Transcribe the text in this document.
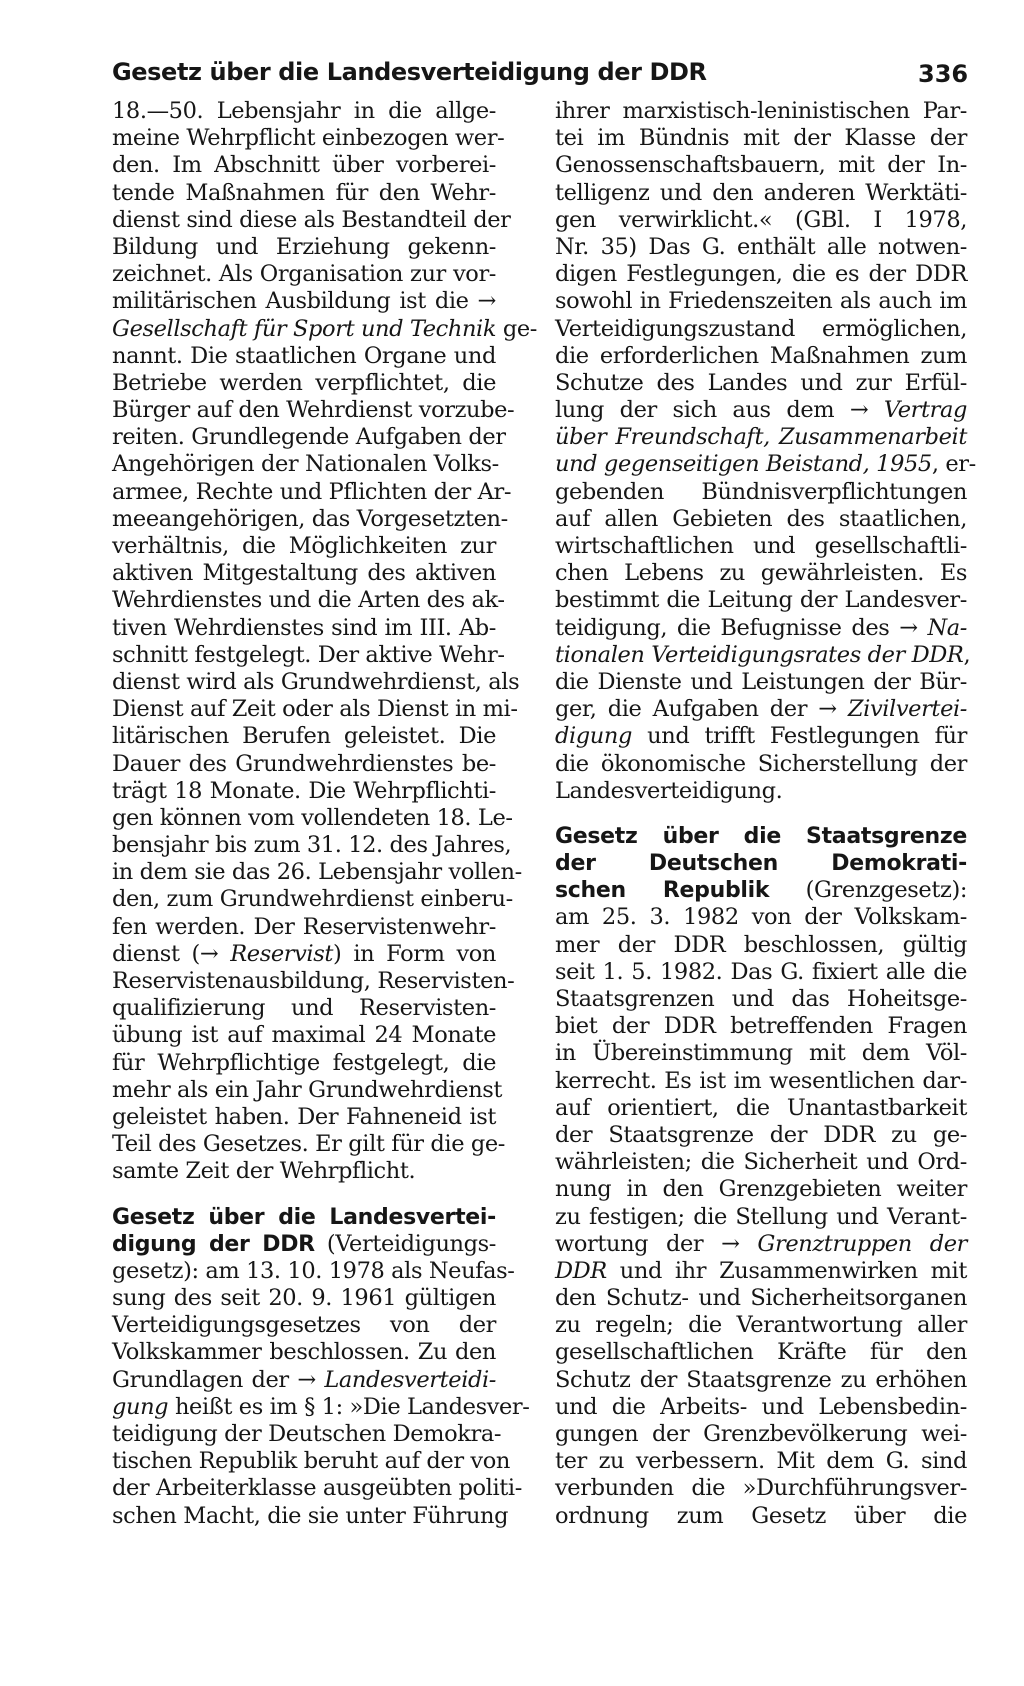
Gesetz über die Landesverteidigung der DDR	336
18.—50. Lebensjahr in die allge-
meine Wehrpflicht einbezogen wer-
den. Im Abschnitt über vorberei-
tende Maßnahmen für den Wehr-
dienst sind diese als Bestandteil der
Bildung und Erziehung gekenn-
zeichnet. Als Organisation zur vor-
militärischen Ausbildung ist die →
Gesellschaft für Sport und Technik ge-
nannt. Die staatlichen Organe und
Betriebe werden verpflichtet, die
Bürger auf den Wehrdienst vorzube-
reiten. Grundlegende Aufgaben der
Angehörigen der Nationalen Volks-
armee, Rechte und Pflichten der Ar-
meeangehörigen, das Vorgesetzten-
verhältnis, die Möglichkeiten zur
aktiven Mitgestaltung des aktiven
Wehrdienstes und die Arten des ak-
tiven Wehrdienstes sind im III. Ab-
schnitt festgelegt. Der aktive Wehr-
dienst wird als Grundwehrdienst, als
Dienst auf Zeit oder als Dienst in mi-
litärischen Berufen geleistet. Die
Dauer des Grundwehrdienstes be-
trägt 18 Monate. Die Wehrpflichti-
gen können vom vollendeten 18. Le-
bensjahr bis zum 31. 12. des Jahres,
in dem sie das 26. Lebensjahr vollen-
den, zum Grundwehrdienst einberu-
fen werden. Der Reservistenwehr-
dienst (→ Reservist) in Form von
Reservistenausbildung, Reservisten-
qualifizierung und Reservisten-
übung ist auf maximal 24 Monate
für Wehrpflichtige festgelegt, die
mehr als ein Jahr Grundwehrdienst
geleistet haben. Der Fahneneid ist
Teil des Gesetzes. Er gilt für die ge-
samte Zeit der Wehrpflicht.
Gesetz über die Landesvertei-
digung der DDR (Verteidigungs-
gesetz): am 13. 10. 1978 als Neufas-
sung des seit 20. 9. 1961 gültigen
Verteidigungsgesetzes von der
Volkskammer beschlossen. Zu den
Grundlagen der → Landesverteidi-
gung heißt es im § 1: »Die Landesver-
teidigung der Deutschen Demokra-
tischen Republik beruht auf der von
der Arbeiterklasse ausgeübten politi-
schen Macht, die sie unter Führung
ihrer marxistisch-leninistischen Par-
tei im Bündnis mit der Klasse der
Genossenschaftsbauern, mit der In-
telligenz und den anderen Werktäti-
gen verwirklicht.« (GBl. I 1978,
Nr. 35) Das G. enthält alle notwen-
digen Festlegungen, die es der DDR
sowohl in Friedenszeiten als auch im
Verteidigungszustand ermöglichen,
die erforderlichen Maßnahmen zum
Schutze des Landes und zur Erfül-
lung der sich aus dem → Vertrag
über Freundschaft, Zusammenarbeit
und gegenseitigen Beistand, 1955, er-
gebenden Bündnisverpflichtungen
auf allen Gebieten des staatlichen,
wirtschaftlichen und gesellschaftli-
chen Lebens zu gewährleisten. Es
bestimmt die Leitung der Landesver-
teidigung, die Befugnisse des → Na-
tionalen Verteidigungsrates der DDR,
die Dienste und Leistungen der Bür-
ger, die Aufgaben der → Zivilvertei-
digung und trifft Festlegungen für
die ökonomische Sicherstellung der
Landesverteidigung.
Gesetz über die Staatsgrenze
der Deutschen Demokrati-
schen Republik (Grenzgesetz):
am 25. 3. 1982 von der Volkskam-
mer der DDR beschlossen, gültig
seit 1. 5. 1982. Das G. fixiert alle die
Staatsgrenzen und das Hoheitsge-
biet der DDR betreffenden Fragen
in Übereinstimmung mit dem Völ-
kerrecht. Es ist im wesentlichen dar-
auf orientiert, die Unantastbarkeit
der Staatsgrenze der DDR zu ge-
währleisten; die Sicherheit und Ord-
nung in den Grenzgebieten weiter
zu festigen; die Stellung und Verant-
wortung der → Grenztruppen der
DDR und ihr Zusammenwirken mit
den Schutz- und Sicherheitsorganen
zu regeln; die Verantwortung aller
gesellschaftlichen Kräfte für den
Schutz der Staatsgrenze zu erhöhen
und die Arbeits- und Lebensbedin-
gungen der Grenzbevölkerung wei-
ter zu verbessern. Mit dem G. sind
verbunden die »Durchführungsver-
ordnung zum Gesetz über die
